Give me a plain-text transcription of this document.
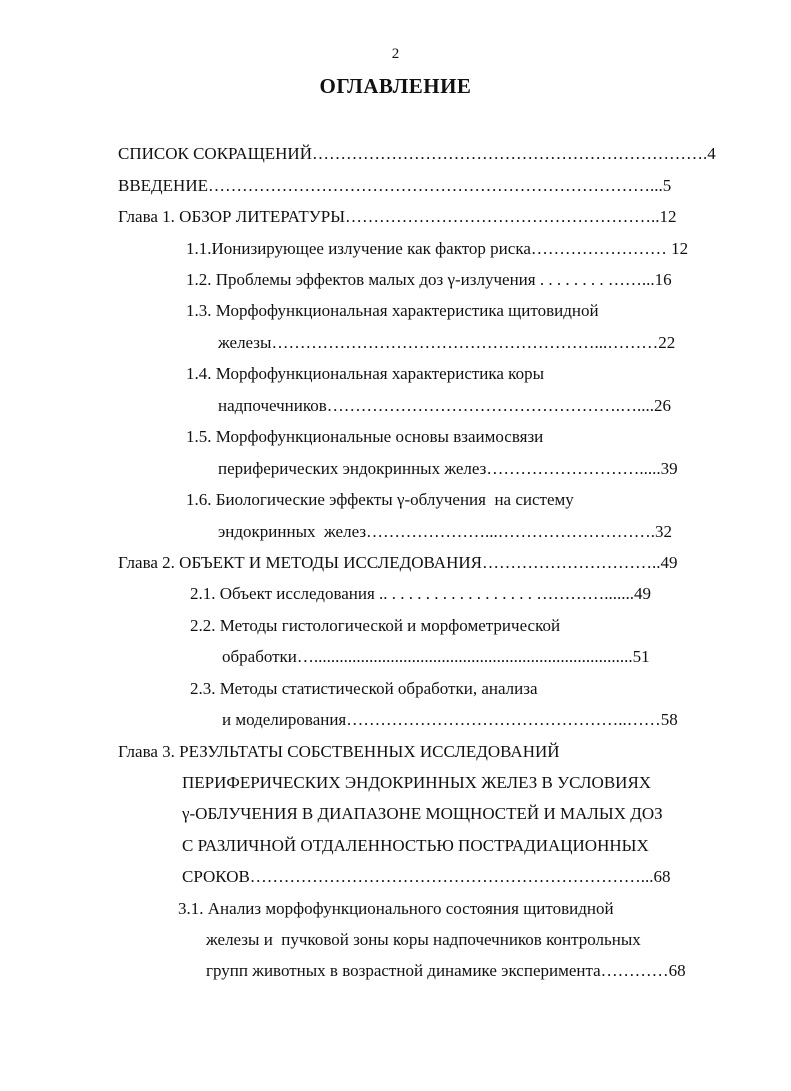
2
ОГЛАВЛЕНИЕ
СПИСОК СОКРАЩЕНИЙ…………………………………………………………….4
ВВЕДЕНИЕ……………………………………………………………………...5
Глава 1. ОБЗОР ЛИТЕРАТУРЫ………………………………………………..12
1.1.Ионизирующее излучение как фактор риска…………………… 12
1.2. Проблемы эффектов малых доз γ-излучения . . . . . . . . ……...16
1.3. Морфофункциональная характеристика щитовидной
железы…………………………………………………...………22
1.4. Морфофункциональная характеристика коры
надпочечников…………………………………………….…....26
1.5. Морфофункциональные основы взаимосвязи
периферических эндокринных желез……………………….....39
1.6. Биологические эффекты γ-облучения  на систему
эндокринных  желез…………………...……………………….32
Глава 2. ОБЪЕКТ И МЕТОДЫ ИССЛЕДОВАНИЯ…………………………..49
2.1. Объект исследования .. . . . . . . . . . . . . . . . . . ………….......49
2.2. Методы гистологической и морфометрической
обработки…...........................................................................51
2.3. Методы статистической обработки, анализа
и моделирования…………………………………………..……58
Глава 3. РЕЗУЛЬТАТЫ СОБСТВЕННЫХ ИССЛЕДОВАНИЙ
ПЕРИФЕРИЧЕСКИХ ЭНДОКРИННЫХ ЖЕЛЕЗ В УСЛОВИЯХ
γ-ОБЛУЧЕНИЯ В ДИАПАЗОНЕ МОЩНОСТЕЙ И МАЛЫХ ДОЗ
С РАЗЛИЧНОЙ ОТДАЛЕННОСТЬЮ ПОСТРАДИАЦИОННЫХ
СРОКОВ……………………………………………………………...68
3.1. Анализ морфофункционального состояния щитовидной
железы и  пучковой зоны коры надпочечников контрольных
групп животных в возрастной динамике эксперимента…………68
